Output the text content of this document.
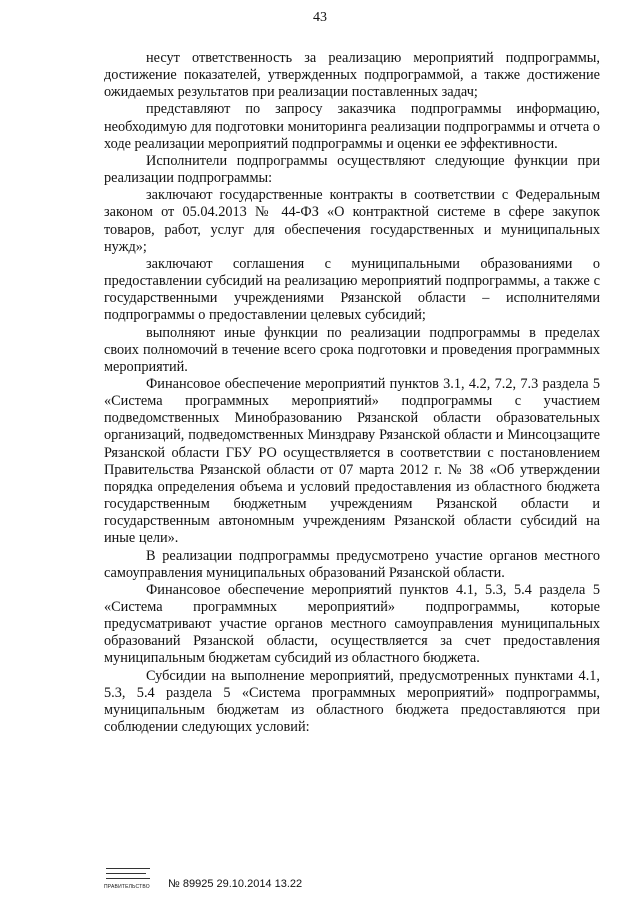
43

несут ответственность за реализацию мероприятий подпрограммы, достижение показателей, утвержденных подпрограммой, а также достижение ожидаемых результатов при реализации поставленных задач;

представляют по запросу заказчика подпрограммы информацию, необходимую для подготовки мониторинга реализации подпрограммы и отчета о ходе реализации мероприятий подпрограммы и оценки ее эффективности.

Исполнители подпрограммы осуществляют следующие функции при реализации подпрограммы:

заключают государственные контракты в соответствии с Федеральным законом от 05.04.2013 № 44-ФЗ «О контрактной системе в сфере закупок товаров, работ, услуг для обеспечения государственных и муниципальных нужд»;

заключают соглашения с муниципальными образованиями о предоставлении субсидий на реализацию мероприятий подпрограммы, а также с государственными учреждениями Рязанской области – исполнителями подпрограммы о предоставлении целевых субсидий;

выполняют иные функции по реализации подпрограммы в пределах своих полномочий в течение всего срока подготовки и проведения программных мероприятий.

Финансовое обеспечение мероприятий пунктов 3.1, 4.2, 7.2, 7.3 раздела 5 «Система программных мероприятий» подпрограммы с участием подведомственных Минобразованию Рязанской области образовательных организаций, подведомственных Минздраву Рязанской области и Минсоцзащите Рязанской области ГБУ РО осуществляется в соответствии с постановлением Правительства Рязанской области от 07 марта 2012 г. № 38 «Об утверждении порядка определения объема и условий предоставления из областного бюджета государственным бюджетным учреждениям Рязанской области и государственным автономным учреждениям Рязанской области субсидий на иные цели».

В реализации подпрограммы предусмотрено участие органов местного самоуправления муниципальных образований Рязанской области.

Финансовое обеспечение мероприятий пунктов 4.1, 5.3, 5.4 раздела 5 «Система программных мероприятий» подпрограммы, которые предусматривают участие органов местного самоуправления муниципальных образований Рязанской области, осуществляется за счет предоставления муниципальным бюджетам субсидий из областного бюджета.

Субсидии на выполнение мероприятий, предусмотренных пунктами 4.1, 5.3, 5.4 раздела 5 «Система программных мероприятий» подпрограммы, муниципальным бюджетам из областного бюджета предоставляются при соблюдении следующих условий:

ПРАВИТЕЛЬСТВО № 89925 29.10.2014 13.22
